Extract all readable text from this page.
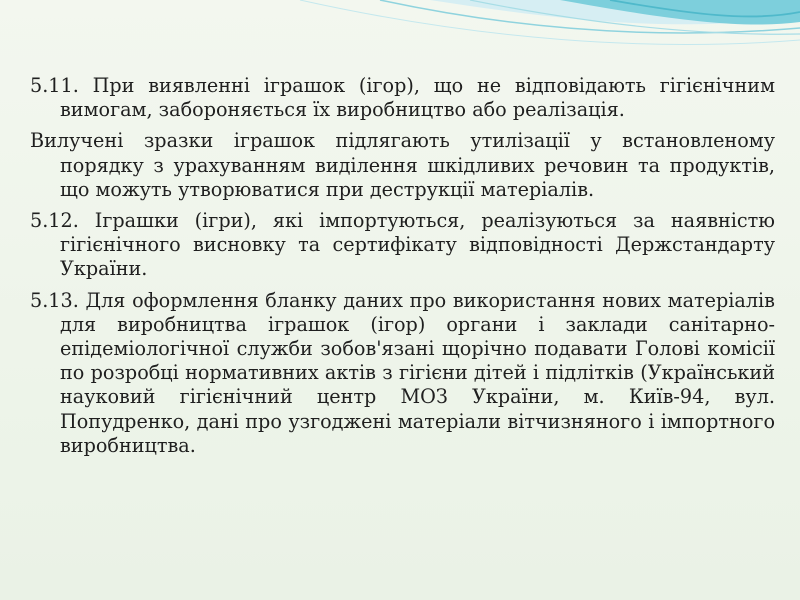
5.11. При виявленні іграшок (ігор), що не відповідають гігієнічним вимогам, забороняється їх виробництво або реалізація.

Вилучені зразки іграшок підлягають утилізації у встановленому порядку з урахуванням виділення шкідливих речовин та продуктів, що можуть утворюватися при деструкції матеріалів.

5.12. Іграшки (ігри), які імпортуються, реалізуються за наявністю гігієнічного висновку та сертифікату відповідності Держстандарту України.

5.13. Для оформлення бланку даних про використання нових матеріалів для виробництва іграшок (ігор) органи і заклади санітарно-епідеміологічної служби зобов'язані щорічно подавати Голові комісії по розробці нормативних актів з гігієни дітей і підлітків (Український науковий гігієнічний центр МОЗ України, м. Київ-94, вул. Попудренко, дані про узгоджені матеріали вітчизняного і імпортного виробництва.
